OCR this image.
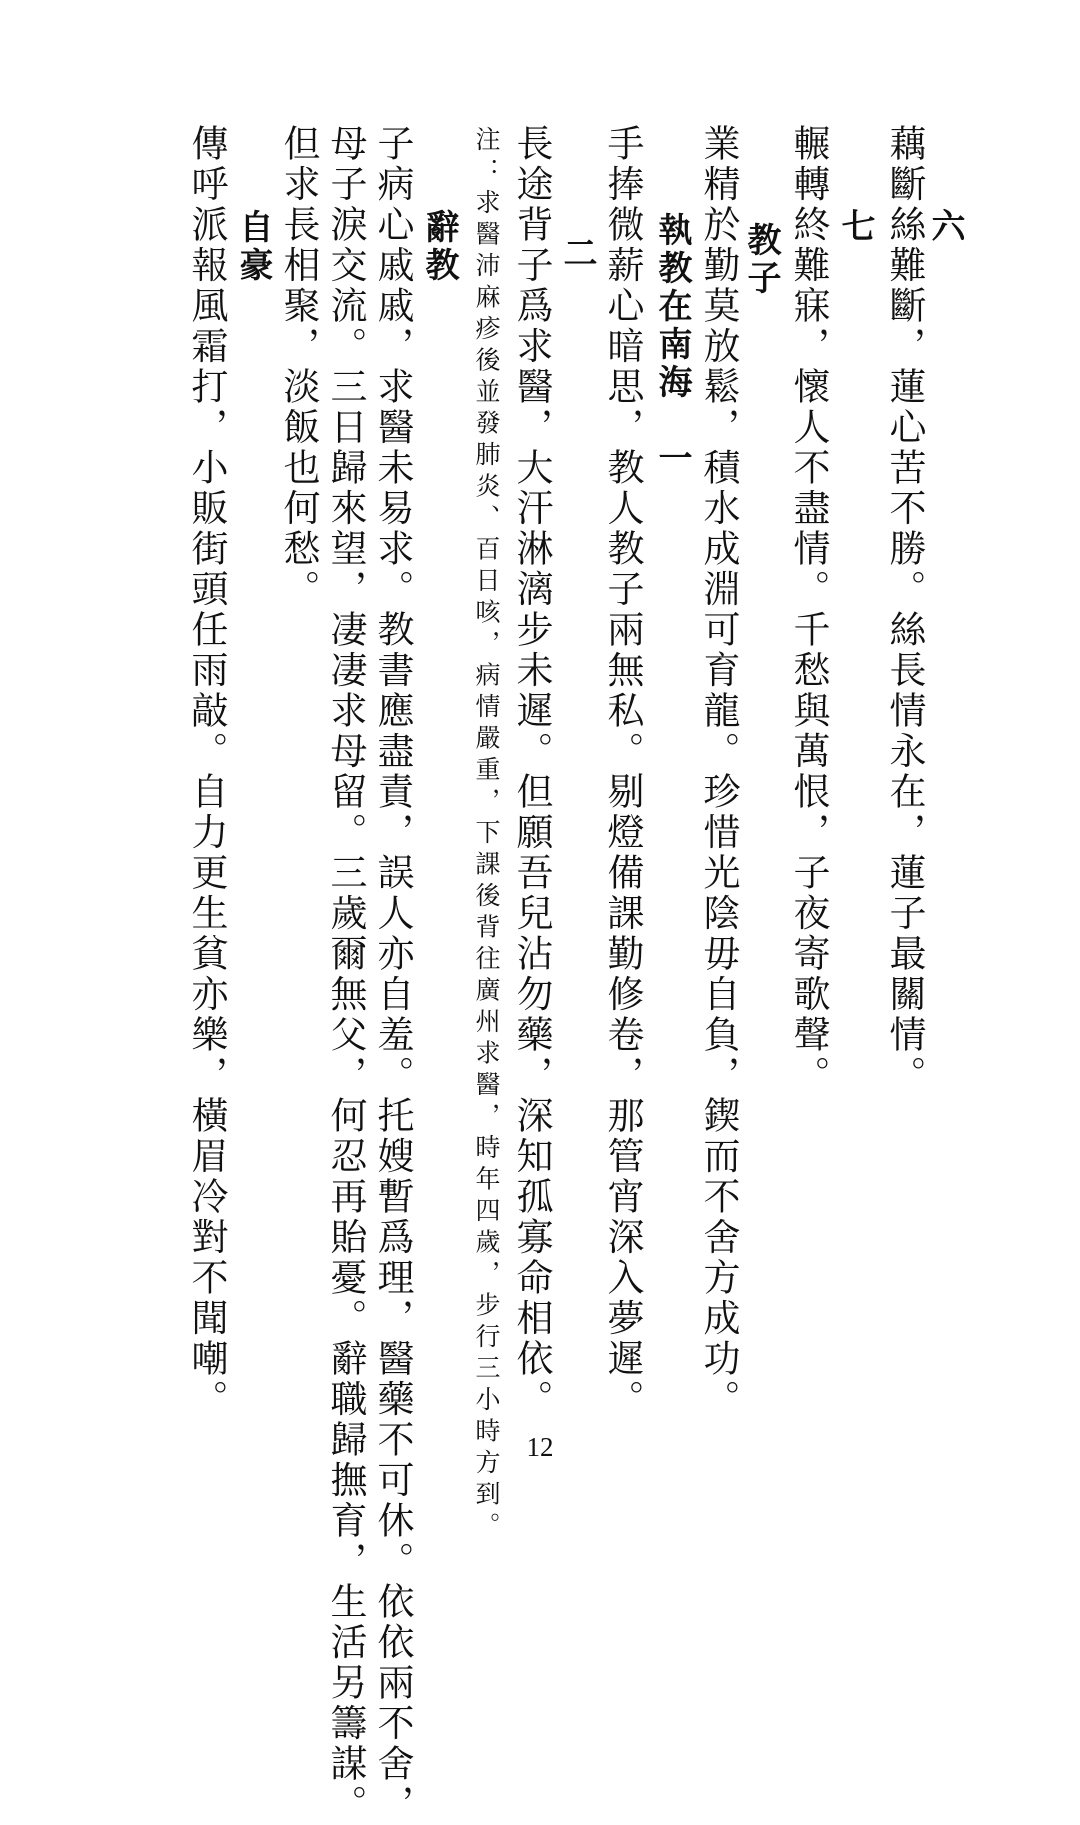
六
藕斷絲難斷，蓮心苦不勝。絲長情永在，蓮子最關情。
七
輾轉終難寐，懷人不盡情。千愁與萬恨，子夜寄歌聲。
教子
業精於勤莫放鬆，積水成淵可育龍。珍惜光陰毋自負，鍥而不舍方成功。
執教在南海　一
手捧微薪心暗思，教人教子兩無私。剔燈備課勤修卷，那管宵深入夢遲。
二
長途背子爲求醫，大汗淋漓步未遲。但願吾兒沾勿藥，深知孤寡命相依。
注：求醫沛麻疹後並發肺炎、百日咳，病情嚴重，下課後背往廣州求醫，時年四歲，步行三小時方到。
辭教
子病心戚戚，求醫未易求。教書應盡責，誤人亦自羞。托嫂暫爲理，醫藥不可休。依依兩不舍，
母子淚交流。三日歸來望，凄凄求母留。三歲爾無父，何忍再貽憂。辭職歸撫育，生活另籌謀。
但求長相聚，淡飯也何愁。
自豪
傳呼派報風霜打，小販街頭任雨敲。自力更生貧亦樂，橫眉冷對不聞嘲。
12
